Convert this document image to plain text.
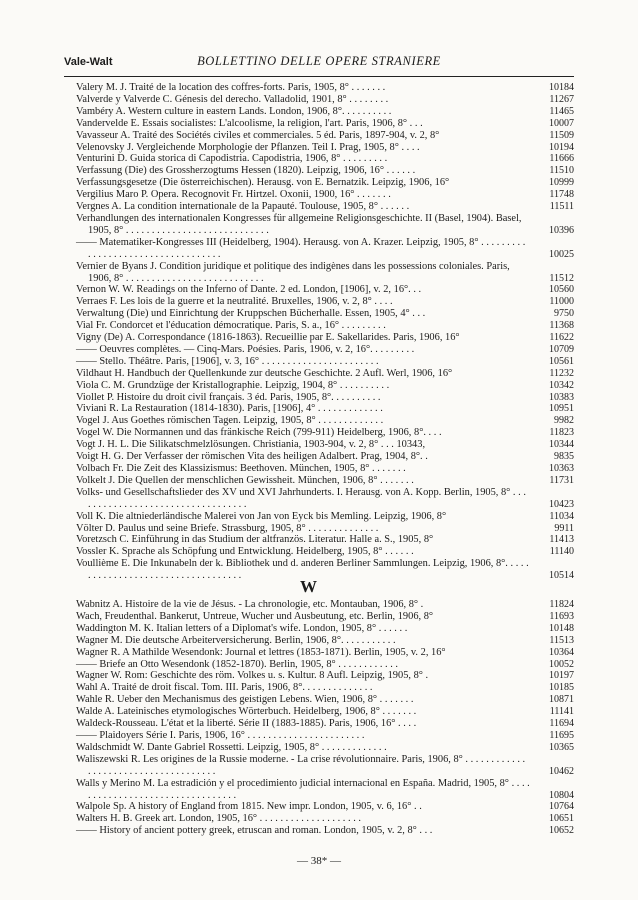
Vale-Walt	BOLLETTINO DELLE OPERE STRANIERE
Valery M. J. Traité de la location des coffres-forts. Paris, 1905, 8° . . . . . . .	10184
Valverde y Valverde C. Génesis del derecho. Valladolid, 1901, 8° . . . . . . . .	11267
Vambéry A. Western culture in eastern Lands. London, 1906, 8°. . . . . . . . . .	11465
Vandervelde E. Essais socialistes: L'alcoolisme, la religion, l'art. Paris, 1906, 8° . . .	10007
Vavasseur A. Traité des Sociétés civiles et commerciales. 5 éd. Paris, 1897-904, v. 2, 8°	11509
Velenovsky J. Vergleichende Morphologie der Pflanzen. Teil I. Prag, 1905, 8° . . . .	10194
Venturini D. Guida storica di Capodistria. Capodistria, 1906, 8° . . . . . . . . .	11666
Verfassung (Die) des Grossherzogtums Hessen (1820). Leipzig, 1906, 16° . . . . . .	11510
Verfassungsgesetze (Die österreichischen). Herausg. von E. Bernatzik. Leipzig, 1906, 16°	10999
Vergilius Maro P. Opera. Recognovit Fr. Hirtzel. Oxonii, 1900, 16° . . . . . . .	11748
Vergnes A. La condition internationale de la Papauté. Toulouse, 1905, 8° . . . . . .	11511
Verhandlungen des internationalen Kongresses für allgemeine Religionsgeschichte. II (Basel, 1904). Basel, 1905, 8° . . . . . . . . . . . . . . . . . . . . . . . . . . . .	10396
—— Matematiker-Kongresses III (Heidelberg, 1904). Herausg. von A. Krazer. Leipzig, 1905, 8° . . . . . . . . . . . . . . . . . . . . . . . . . . . . . . . . . . .	10025
Vernier de Byans J. Condition juridique et politique des indigènes dans les possessions coloniales. Paris, 1906, 8° . . . . . . . . . . . . . . . . . . . . . . . . . . .	11512
Vernon W. W. Readings on the Inferno of Dante. 2 ed. London, [1906], v. 2, 16°. . .	10560
Verraes F. Les lois de la guerre et la neutralité. Bruxelles, 1906, v. 2, 8° . . . .	11000
Verwaltung (Die) und Einrichtung der Kruppschen Bücherhalle. Essen, 1905, 4° . . .	9750
Vial Fr. Condorcet et l'éducation démocratique. Paris, S. a., 16° . . . . . . . . .	11368
Vigny (De) A. Correspondance (1816-1863). Recueillie par E. Sakellarides. Paris, 1906, 16°	11622
—— Oeuvres complètes. — Cinq-Mars. Poésies. Paris, 1906, v. 2, 16°. . . . . . . . .	10709
—— Stello. Théâtre. Paris, [1906], v. 3, 16° . . . . . . . . . . . . . . . . . . . . . . .	10561
Vildhaut H. Handbuch der Quellenkunde zur deutsche Geschichte. 2 Aufl. Werl, 1906, 16°	11232
Viola C. M. Grundzüge der Kristallographie. Leipzig, 1904, 8° . . . . . . . . . .	10342
Viollet P. Histoire du droit civil français. 3 éd. Paris, 1905, 8°. . . . . . . . . .	10383
Viviani R. La Restauration (1814-1830). Paris, [1906], 4° . . . . . . . . . . . . .	10951
Vogel J. Aus Goethes römischen Tagen. Leipzig, 1905, 8° . . . . . . . . . . . . .	9982
Vogel W. Die Normannen und das fränkische Reich (799-911) Heidelberg, 1906, 8°. . . .	11823
Vogt J. H. L. Die Silikatschmelzlösungen. Christiania, 1903-904, v. 2, 8° . . . 10343,	10344
Voigt H. G. Der Verfasser der römischen Vita des heiligen Adalbert. Prag, 1904, 8°. .	9835
Volbach Fr. Die Zeit des Klassizismus: Beethoven. München, 1905, 8° . . . . . . .	10363
Volkelt J. Die Quellen der menschlichen Gewissheit. München, 1906, 8° . . . . . . .	11731
Volks- und Gesellschaftslieder des XV und XVI Jahrhunderts. I. Herausg. von A. Kopp. Berlin, 1905, 8° . . . . . . . . . . . . . . . . . . . . . . . . . . . . . . . . . .	10423
Voll K. Die altniederländische Malerei von Jan von Eyck bis Memling. Leipzig, 1906, 8°	11034
Völter D. Paulus und seine Briefe. Strassburg, 1905, 8° . . . . . . . . . . . . . .	9911
Voretzsch C. Einführung in das Studium der altfranzös. Literatur. Halle a. S., 1905, 8°	11413
Vossler K. Sprache als Schöpfung und Entwicklung. Heidelberg, 1905, 8° . . . . . .	11140
Voullième E. Die Inkunabeln der k. Bibliothek und d. anderen Berliner Sammlungen. Leipzig, 1906, 8°. . . . . . . . . . . . . . . . . . . . . . . . . . . . . . . . . . .	10514
W
Wabnitz A. Histoire de la vie de Jésus. - La chronologie, etc. Montauban, 1906, 8° .	11824
Wach, Freudenthal. Bankerut, Untreue, Wucher und Ausbeutung, etc. Berlin, 1906, 8°	11693
Waddington M. K. Italian letters of a Diplomat's wife. London, 1905, 8° . . . . . .	10148
Wagner M. Die deutsche Arbeiterversicherung. Berlin, 1906, 8°. . . . . . . . . . .	11513
Wagner R. A Mathilde Wesendonk: Journal et lettres (1853-1871). Berlin, 1905, v. 2, 16°	10364
—— Briefe an Otto Wesendonk (1852-1870). Berlin, 1905, 8° . . . . . . . . . . . .	10052
Wagner W. Rom: Geschichte des röm. Volkes u. s. Kultur. 8 Aufl. Leipzig, 1905, 8° .	10197
Wahl A. Traité de droit fiscal. Tom. III. Paris, 1906, 8°. . . . . . . . . . . . . .	10185
Wahle R. Ueber den Mechanismus des geistigen Lebens. Wien, 1906, 8° . . . . . . .	10871
Walde A. Lateinisches etymologisches Wörterbuch. Heidelberg, 1906, 8° . . . . . . .	11141
Waldeck-Rousseau. L'état et la liberté. Série II (1883-1885). Paris, 1906, 16° . . . .	11694
—— Plaidoyers Série I. Paris, 1906, 16° . . . . . . . . . . . . . . . . . . . . . . .	11695
Waldschmidt W. Dante Gabriel Rossetti. Leipzig, 1905, 8° . . . . . . . . . . . . .	10365
Waliszewski R. Les origines de la Russie moderne. - La crise révolutionnaire. Paris, 1906, 8° . . . . . . . . . . . . . . . . . . . . . . . . . . . . . . . . . . . . .	10462
Walls y Merino M. La estradición y el procedimiento judicial internacional en España. Madrid, 1905, 8° . . . . . . . . . . . . . . . . . . . . . . . . . . . . . . . . .	10804
Walpole Sp. A history of England from 1815. New impr. London, 1905, v. 6, 16° . .	10764
Walters H. B. Greek art. London, 1905, 16° . . . . . . . . . . . . . . . . . . . .	10651
—— History of ancient pottery greek, etruscan and roman. London, 1905, v. 2, 8° . . .	10652
— 38* —
